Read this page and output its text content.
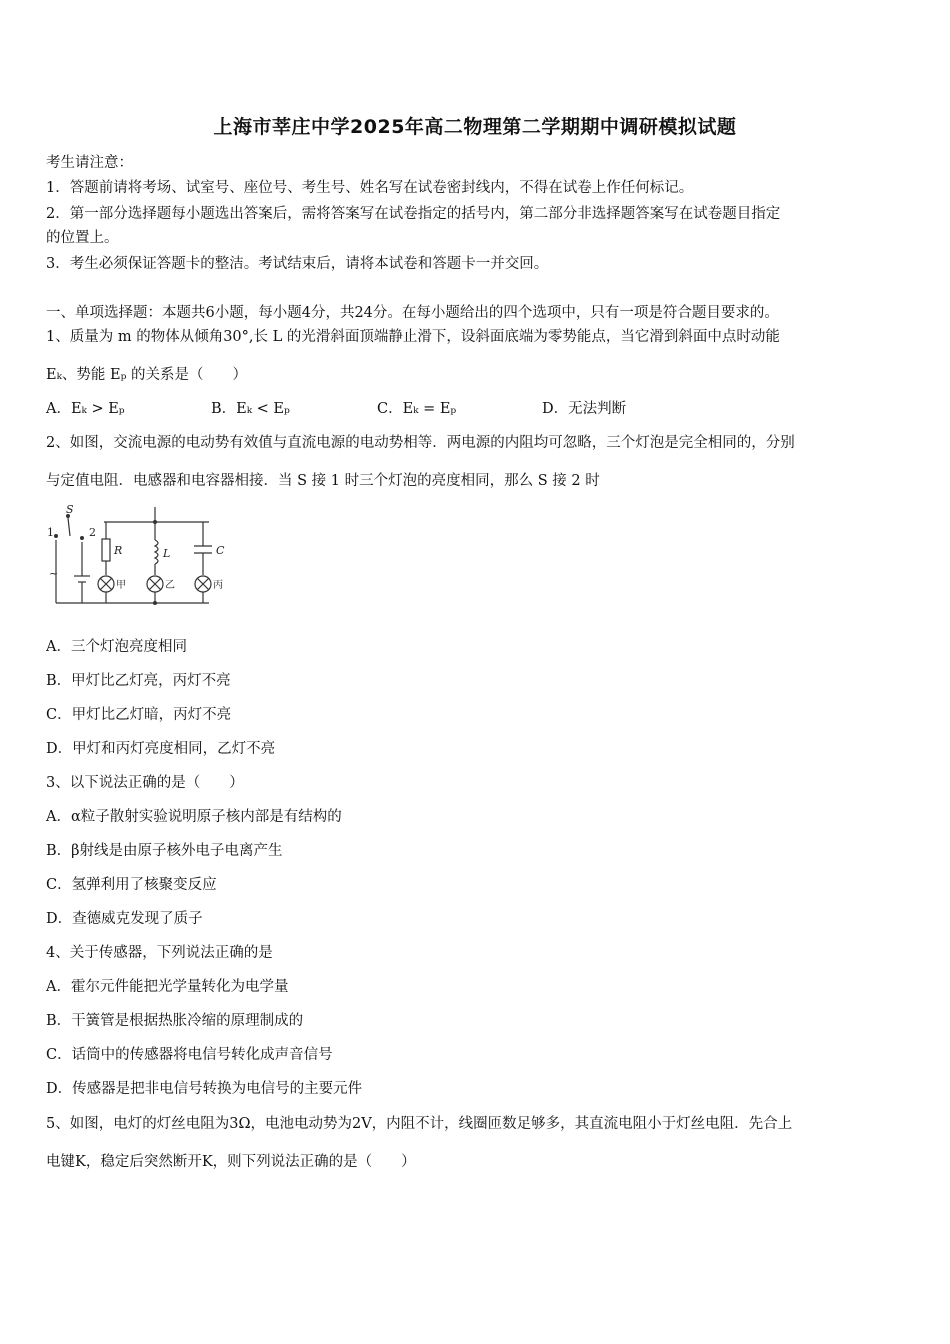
上海市莘庄中学2025年高二物理第二学期期中调研模拟试题
考生请注意：
1．答题前请将考场、试室号、座位号、考生号、姓名写在试卷密封线内，不得在试卷上作任何标记。
2．第一部分选择题每小题选出答案后，需将答案写在试卷指定的括号内，第二部分非选择题答案写在试卷题目指定
的位置上。
3．考生必须保证答题卡的整洁。考试结束后，请将本试卷和答题卡一并交回。
一、单项选择题：本题共6小题，每小题4分，共24分。在每小题给出的四个选项中，只有一项是符合题目要求的。
1、质量为 m 的物体从倾角30°,长 L 的光滑斜面顶端静止滑下，设斜面底端为零势能点，当它滑到斜面中点时动能
Eₖ、势能 Eₚ 的关系是（　　）
A．Eₖ > Eₚ	B．Eₖ < Eₚ	C．Eₖ = Eₚ	D．无法判断
2、如图，交流电源的电动势有效值与直流电源的电动势相等．两电源的内阻均可忽略，三个灯泡是完全相同的，分别
与定值电阻．电感器和电容器相接．当 S 接 1 时三个灯泡的亮度相同，那么 S 接 2 时
S
1	2
~
R	L	C
甲	乙	丙
A．三个灯泡亮度相同
B．甲灯比乙灯亮，丙灯不亮
C．甲灯比乙灯暗，丙灯不亮
D．甲灯和丙灯亮度相同，乙灯不亮
3、以下说法正确的是（　　）
A．α粒子散射实验说明原子核内部是有结构的
B．β射线是由原子核外电子电离产生
C．氢弹利用了核聚变反应
D．查德威克发现了质子
4、关于传感器，下列说法正确的是
A．霍尔元件能把光学量转化为电学量
B．干簧管是根据热胀冷缩的原理制成的
C．话筒中的传感器将电信号转化成声音信号
D．传感器是把非电信号转换为电信号的主要元件
5、如图，电灯的灯丝电阻为3Ω，电池电动势为2V，内阻不计，线圈匝数足够多，其直流电阻小于灯丝电阻．先合上
电键K，稳定后突然断开K，则下列说法正确的是（　　）
